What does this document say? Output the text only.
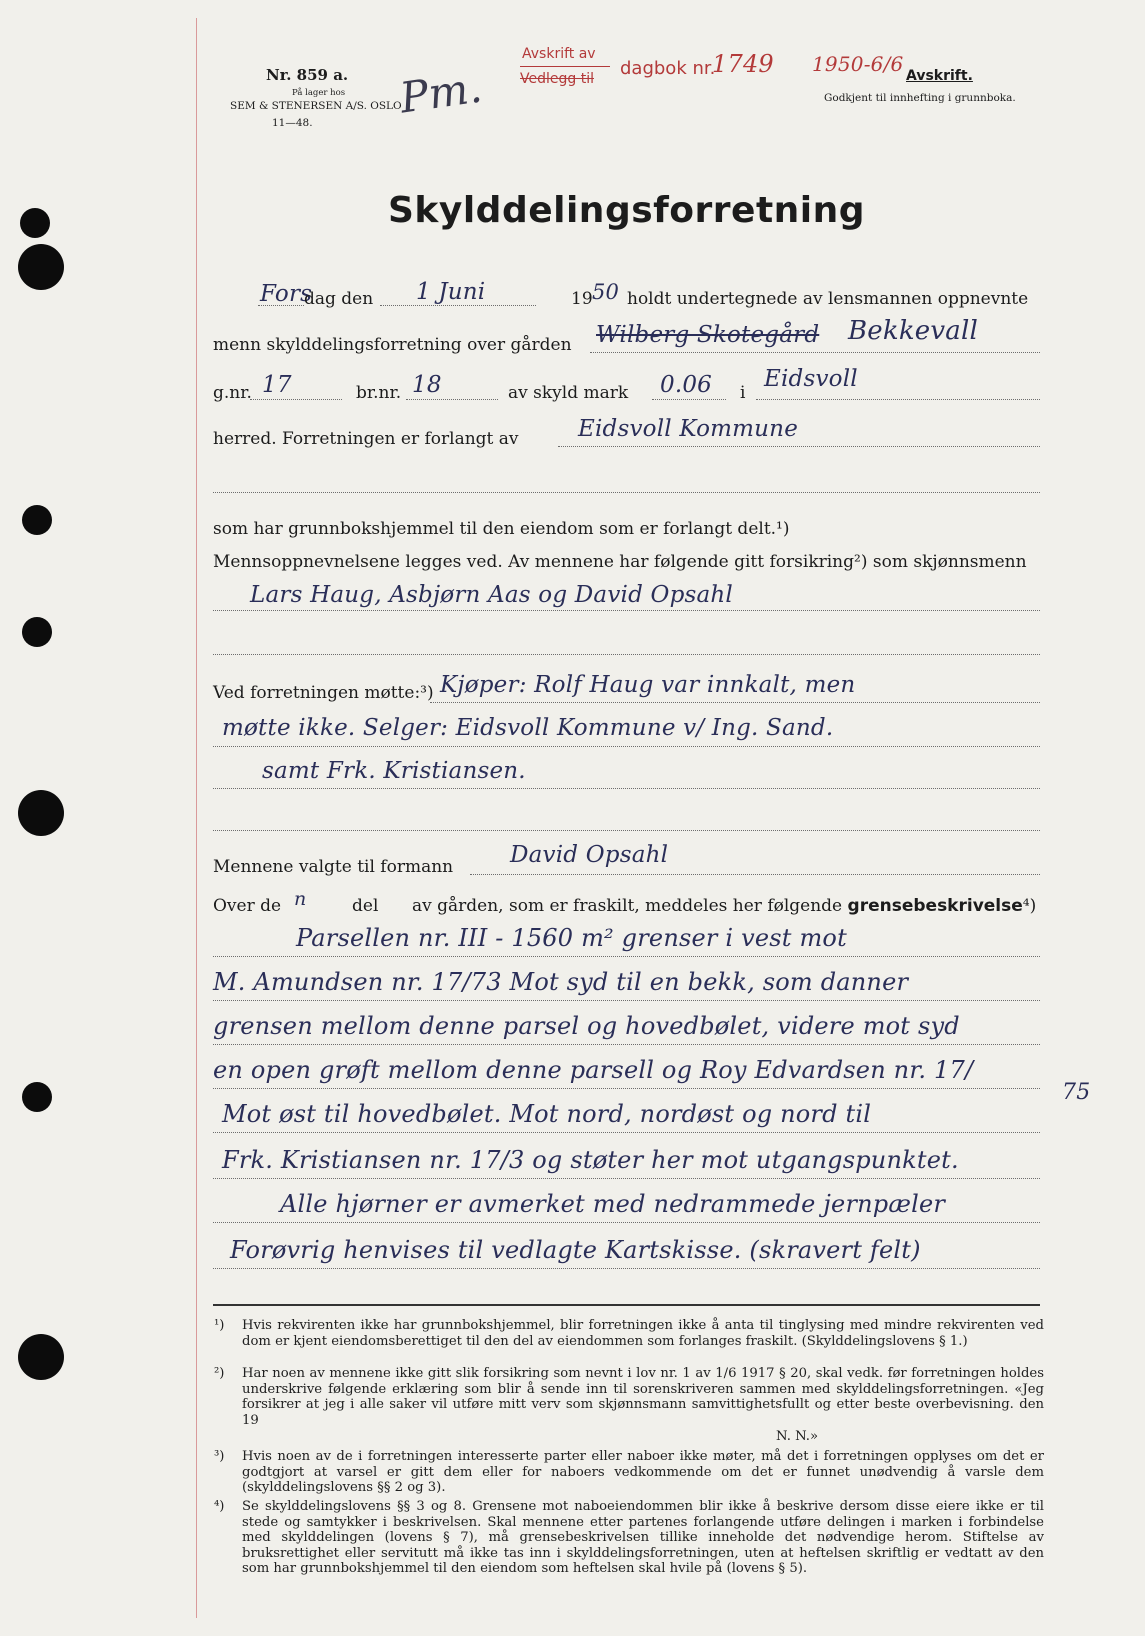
Nr. 859 a.
På lager hos
SEM & STENERSEN A/S. OSLO
11—48.
Pm.
Avskrift av
Vedlegg til dagbok nr.
1749 1950-6/6 Avskrift.
Godkjent til innhefting i grunnboka.
Skylddelingsforretning
Fors
dag den 1 Juni	19 50 holdt undertegnede av lensmannen oppnevnte
menn skylddelingsforretning over gården Wilberg Skotegård Bekkevall
g.nr. 17	br.nr. 18	av skyld mark 0.06 i
Eidsvoll
herred. Forretningen er forlangt av	Eidsvoll Kommune
som har grunnbokshjemmel til den eiendom som er forlangt delt.¹)
Mennsoppnevnelsene legges ved. Av mennene har følgende gitt forsikring²) som skjønnsmenn
Lars Haug, Asbjørn Aas og David Opsahl
Ved forretningen møtte:³) Kjøper: Rolf Haug var innkalt, men
møtte ikke. Selger: Eidsvoll Kommune v/ Ing. Sand.
samt Frk. Kristiansen.
Mennene valgte til formann David Opsahl
Over de n	del av gården, som er fraskilt, meddeles her følgende grensebeskrivelse⁴)
Parsellen nr. III - 1560 m² grenser i vest mot
M. Amundsen nr. 17/73 Mot syd til en bekk, som danner
grensen mellom denne parsel og hovedbølet, videre mot syd
en open grøft mellom denne parsell og Roy Edvardsen nr. 17/
75
Mot øst til hovedbølet. Mot nord, nordøst og nord til
Frk. Kristiansen nr. 17/3 og støter her mot utgangspunktet.
Alle hjørner er avmerket med nedrammede jernpæler
Forøvrig henvises til vedlagte Kartskisse. (skravert felt)
¹) Hvis rekvirenten ikke har grunnbokshjemmel, blir forretningen ikke å anta til tinglysing med mindre rekvirenten ved dom er kjent eiendomsberettiget til den del av eiendommen som forlanges fraskilt. (Skylddelingslovens § 1.)
²) Har noen av mennene ikke gitt slik forsikring som nevnt i lov nr. 1 av 1/6 1917 § 20, skal vedk. før forretningen holdes underskrive følgende erklæring som blir å sende inn til sorenskriveren sammen med skylddelingsforretningen. «Jeg forsikrer at jeg i alle saker vil utføre mitt verv som skjønnsmann samvittighetsfullt og etter beste overbevisning. den 19
N. N.»
³) Hvis noen av de i forretningen interesserte parter eller naboer ikke møter, må det i forretningen opplyses om det er godtgjort at varsel er gitt dem eller for naboers vedkommende om det er funnet unødvendig å varsle dem (skylddelingslovens §§ 2 og 3).
⁴) Se skylddelingslovens §§ 3 og 8. Grensene mot naboeiendommen blir ikke å beskrive dersom disse eiere ikke er til stede og samtykker i beskrivelsen. Skal mennene etter partenes forlangende utføre delingen i marken i forbindelse med skylddelingen (lovens § 7), må grensebeskrivelsen tillike inneholde det nødvendige herom. Stiftelse av bruksrettighet eller servitutt må ikke tas inn i skylddelingsforretningen, uten at heftelsen skriftlig er vedtatt av den som har grunnbokshjemmel til den eiendom som heftelsen skal hvile på (lovens § 5).
